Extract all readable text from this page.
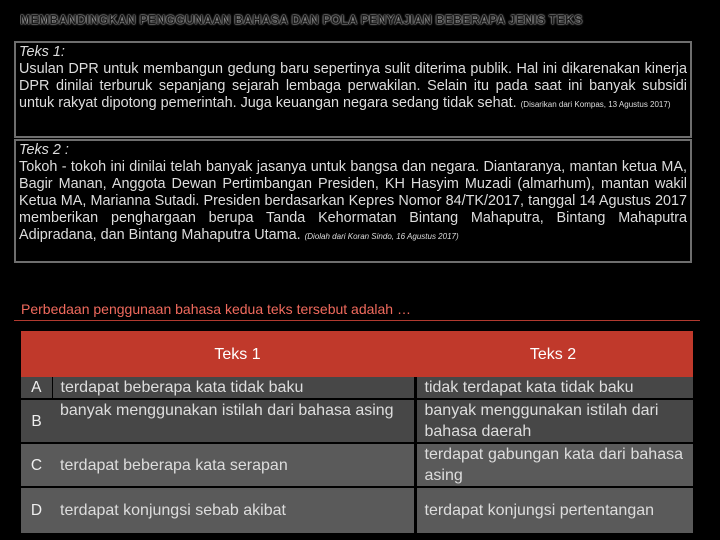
MEMBANDINGKAN PENGGUNAAN BAHASA DAN POLA PENYAJIAN BEBERAPA JENIS TEKS
Teks 1:
Usulan DPR untuk membangun gedung baru sepertinya sulit diterima publik. Hal ini dikarenakan kinerja DPR dinilai terburuk sepanjang sejarah lembaga perwakilan. Selain itu pada saat ini banyak subsidi untuk rakyat dipotong pemerintah. Juga keuangan negara sedang tidak sehat. (Disarikan dari Kompas, 13 Agustus 2017)
Teks 2 :
Tokoh - tokoh ini dinilai telah banyak jasanya untuk bangsa dan negara. Diantaranya, mantan ketua MA, Bagir Manan, Anggota Dewan Pertimbangan Presiden, KH Hasyim Muzadi (almarhum), mantan wakil Ketua MA, Marianna Sutadi. Presiden berdasarkan Kepres Nomor 84/TK/2017, tanggal 14 Agustus 2017 memberikan penghargaan berupa Tanda Kehormatan Bintang Mahaputra, Bintang Mahaputra Adipradana, dan Bintang Mahaputra Utama. (Diolah dari Koran Sindo, 16 Agustus 2017)
Perbedaan penggunaan bahasa kedua teks tersebut adalah …
	Teks 1	Teks 2
A	terdapat beberapa kata tidak baku	tidak terdapat kata tidak baku
B	banyak menggunakan istilah dari bahasa asing	banyak menggunakan istilah dari bahasa daerah
C	terdapat beberapa kata serapan	terdapat gabungan kata dari bahasa asing
D	terdapat konjungsi sebab akibat	terdapat konjungsi pertentangan
